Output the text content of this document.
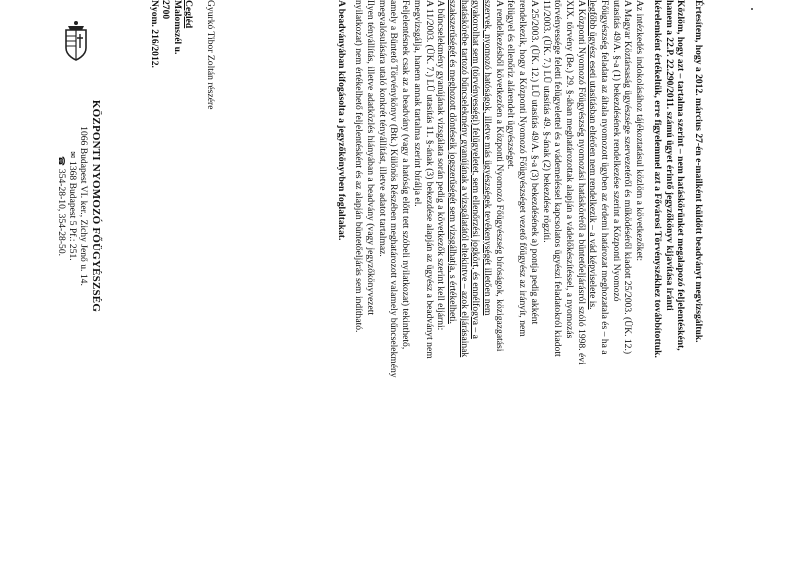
KÖZPONTI NYOMOZÓ FŐÜGYÉSZSÉG
1066 Budapest VI. ker., Zichy Jenő u. 14.
✉1368 Budapest 5 Pf.: 251.
☎354-28-10, 354-28-50.
Nyom. 216/2012.	Gyurkó Tibor Zoltán részére
Cegléd
Malomszél u.
2700	Értesítem, hogy a 2012. március 27-én e-mailként küldött beadványt megvizsgáltuk.

Közlöm, hogy azt – tartalma szerint – nem hatáskörünket megalapozó feljelentésként,
hanem a 22.P. 22.290/2011. számú ügyet érintő jegyzőkönyv kijavítása iránti
kérelemként értékeltük, erre figyelemmel azt a Fővárosi Törvényszékhez továbbítottuk.

Az intézkedés indokolásához tájékoztatásul közlöm a következőket:
A Magyar Köztársaság ügyészsége szervezetéről és működéséről kiadott 25/2003. (ÜK. 12.)
utasítás 49/A. §-a (1) bekezdésének rendelkezése szerint a Központi Nyomozó
Főügyészség feladata az általa nyomozott ügyben az érdemi határozat meghozatala és – ha a
legfőbb ügyész eseti utasításban eltérően nem rendelkezik – a vád képviselete is.
A Központi Nyomozó Főügyészség nyomozási hatásköréről a büntetőeljárásról szóló 1998. évi
XIX. törvény (Be.) 29. §-ában meghatározottak alapján a vádelőkészítéssel, a nyomozás
törvényessége feletti felügyelettel és a vádemeléssel kapcsolatos ügyészi feladatokról kiadott
11/2003. (ÜK. 7.) LÜ utasítás 49. §-ának (2) bekezdése rögzíti.
A 25/2003. (ÜK. 12.) LÜ utasítás 49/A. §-a (3) bekezdésének a) pontja pedig akként
rendelkezik, hogy a Központi Nyomozó Főügyészséget vezető főügyész az irányít, nem
felügyel és ellenőriz alárendelt ügyészséget.
A rendelkezésből következően a Központi Nyomozó Főügyészség bíróságok, közigazgatási
szervek, nyomozó hatóságok, illetve más ügyészségek tevékenységét illetően nem
gyakorolhat sem (törvényességi) felügyeletet, sem ellenőrzési jogkört, és ennélfogva – a
hatáskörébe tartozó bűncselekmény gyanújának a vizsgálatától eltekintve – azok eljárásainak
szakszerűségét és meghozott döntéseik jogszerűségét sem vizsgálhatja, s értékelheti.
A bűncselekmény gyanújának vizsgálata során pedig a következők szerint kell eljárni:
A 11/2003. (ÜK. 7.) LÜ utasítás 11. §-ának (3) bekezdése alapján az ügyész a beadványt nem
megvizsgálja, hanem annak tartalma szerint bírálja el.
Feljelentésnek csak az a beadvány (vagy a hatóság előtt tett szóbeli nyilatkozat) tekinthető,
amely a Büntető Törvénykönyv (Btk.) Különös Részében meghatározott valamely bűncselekmény
megvalósulására utaló konkrét tényállítást, illetve adatot tartalmaz.
Ilyen tényállítás, illetve adatközlés hiányában a beadvány (vagy jegyzőkönyvezett
nyilatkozat) nem értékelhető feljelentésként és az alapján büntetőeljárás sem indítható.

A beadványában kifogásolta a jegyzőkönyvben foglaltakat.
